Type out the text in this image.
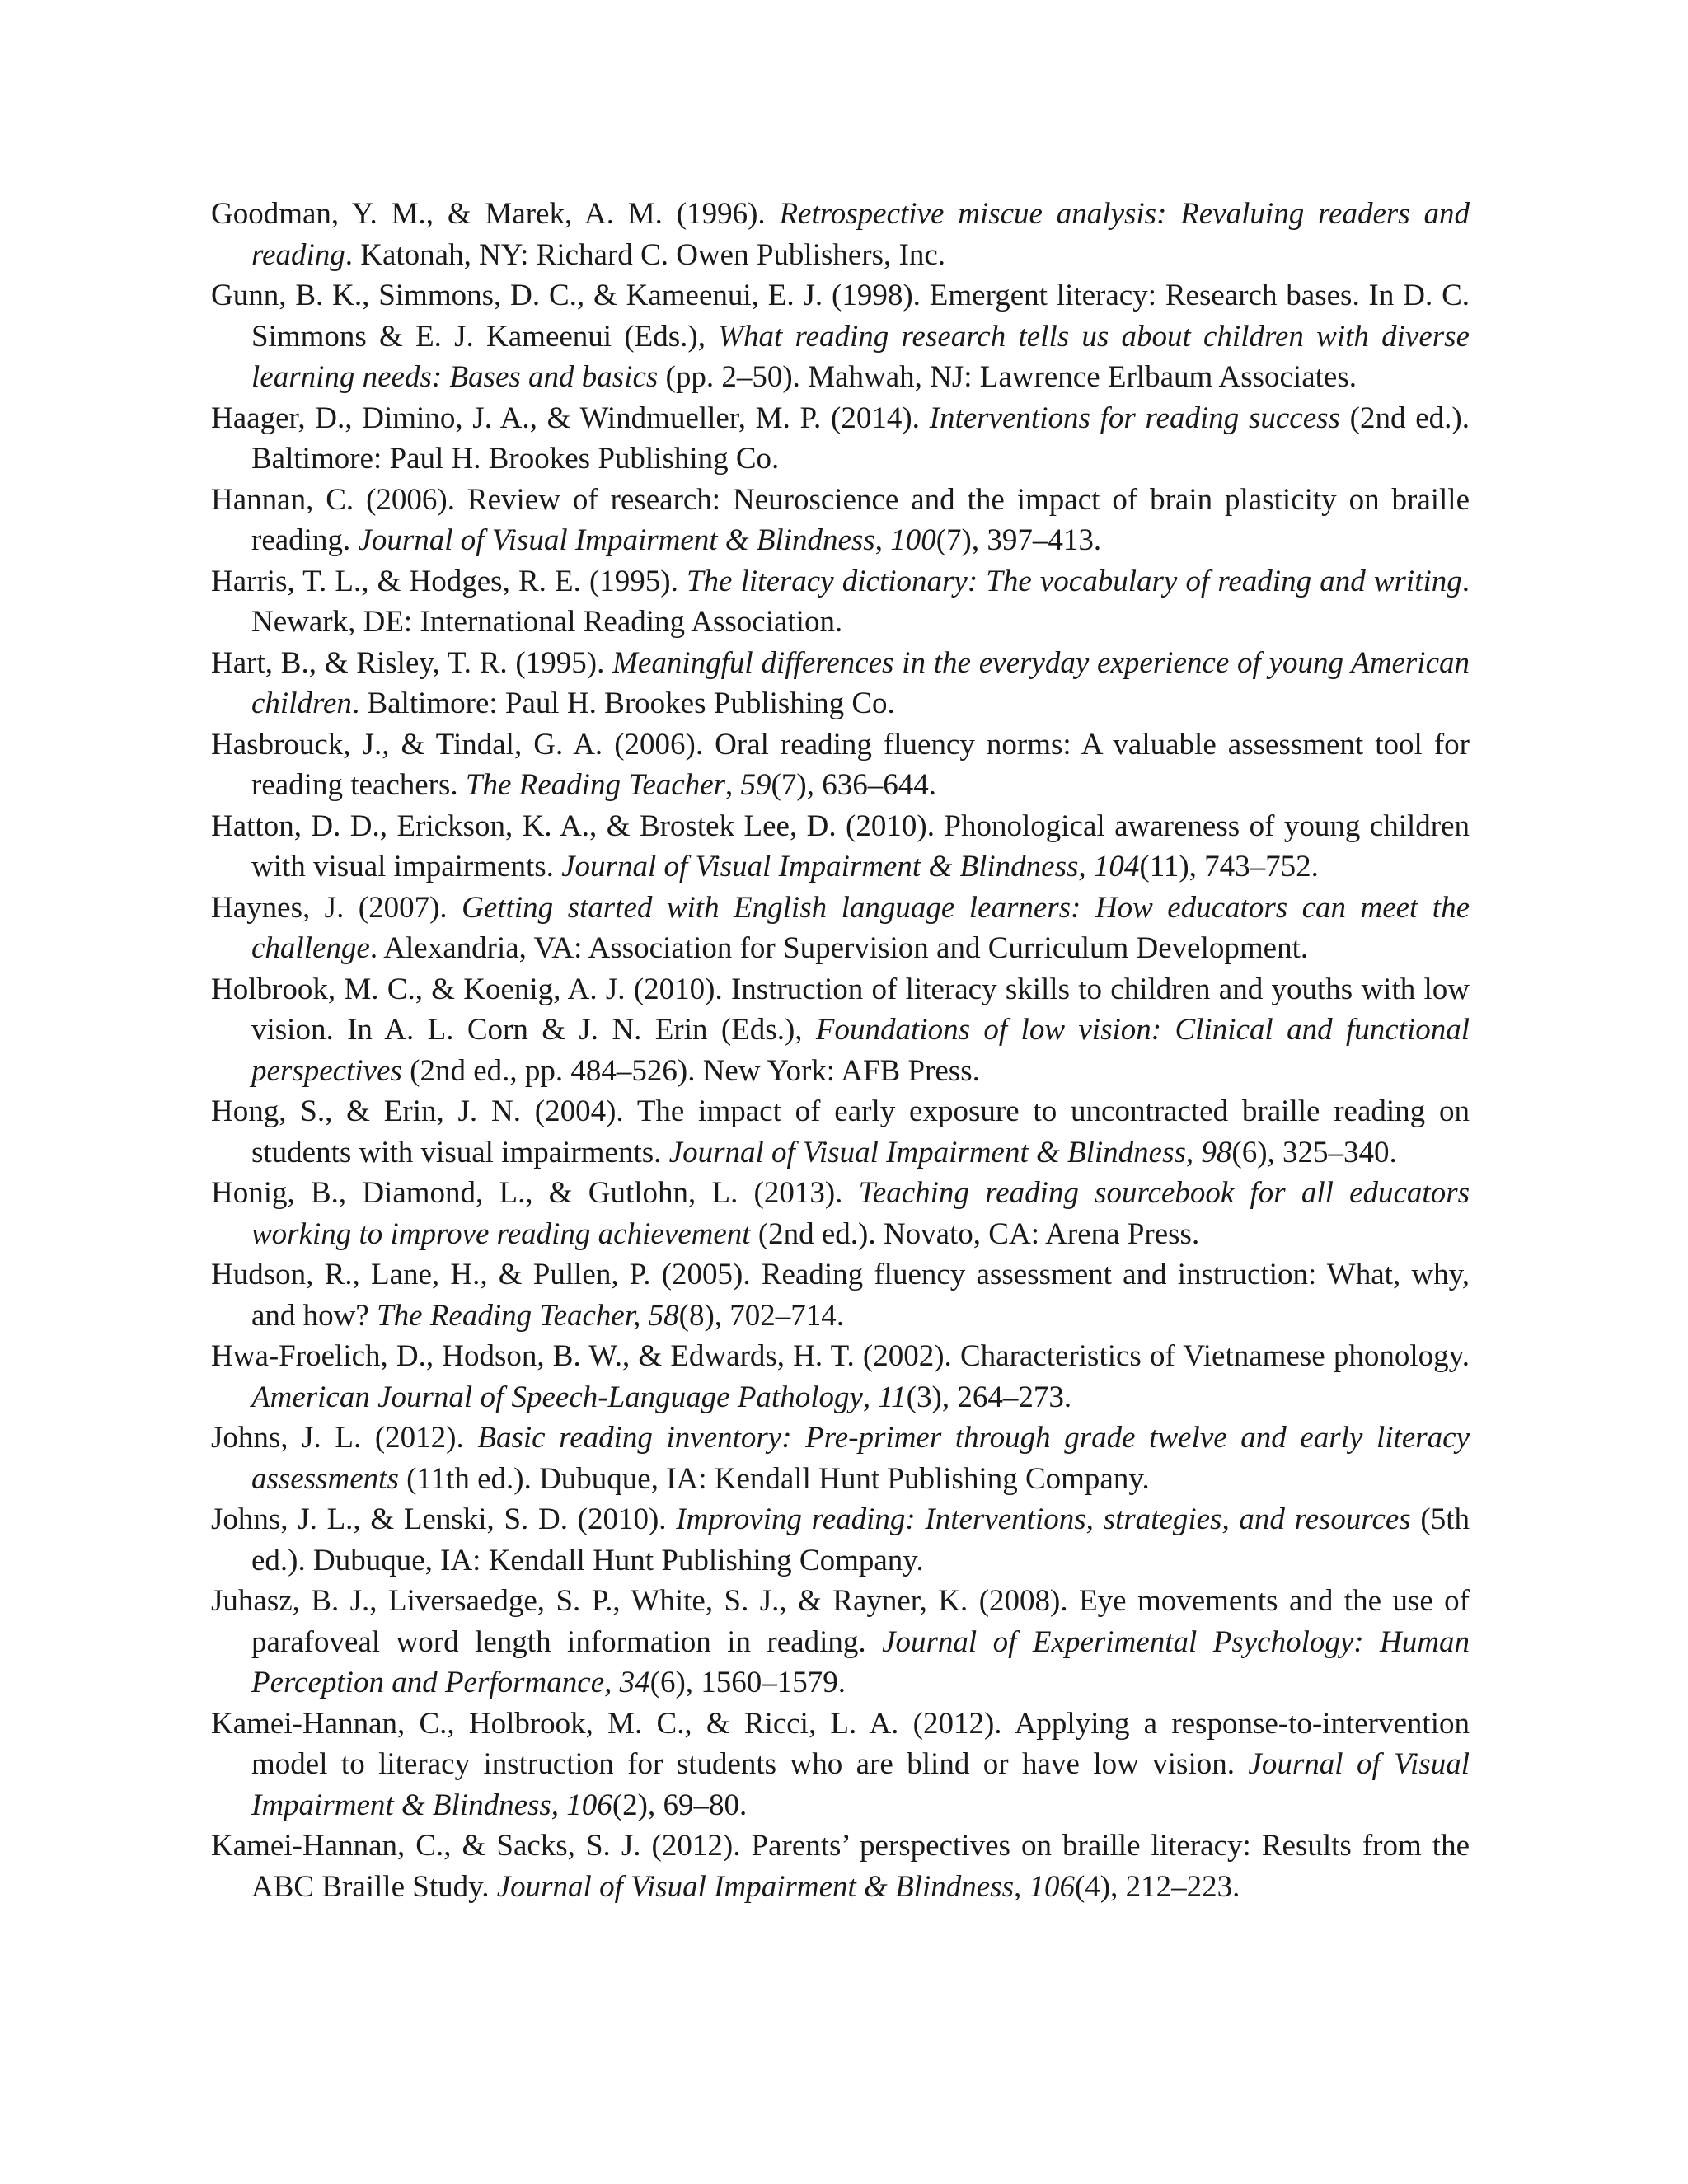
Goodman, Y. M., & Marek, A. M. (1996). Retrospective miscue analysis: Revaluing readers and reading. Katonah, NY: Richard C. Owen Publishers, Inc.
Gunn, B. K., Simmons, D. C., & Kameenui, E. J. (1998). Emergent literacy: Research bases. In D. C. Simmons & E. J. Kameenui (Eds.), What reading research tells us about children with diverse learning needs: Bases and basics (pp. 2–50). Mahwah, NJ: Lawrence Erlbaum Associates.
Haager, D., Dimino, J. A., & Windmueller, M. P. (2014). Interventions for reading success (2nd ed.). Baltimore: Paul H. Brookes Publishing Co.
Hannan, C. (2006). Review of research: Neuroscience and the impact of brain plasticity on braille reading. Journal of Visual Impairment & Blindness, 100(7), 397–413.
Harris, T. L., & Hodges, R. E. (1995). The literacy dictionary: The vocabulary of reading and writing. Newark, DE: International Reading Association.
Hart, B., & Risley, T. R. (1995). Meaningful differences in the everyday experience of young American children. Baltimore: Paul H. Brookes Publishing Co.
Hasbrouck, J., & Tindal, G. A. (2006). Oral reading fluency norms: A valuable assessment tool for reading teachers. The Reading Teacher, 59(7), 636–644.
Hatton, D. D., Erickson, K. A., & Brostek Lee, D. (2010). Phonological awareness of young children with visual impairments. Journal of Visual Impairment & Blindness, 104(11), 743–752.
Haynes, J. (2007). Getting started with English language learners: How educators can meet the challenge. Alexandria, VA: Association for Supervision and Curriculum Development.
Holbrook, M. C., & Koenig, A. J. (2010). Instruction of literacy skills to children and youths with low vision. In A. L. Corn & J. N. Erin (Eds.), Foundations of low vision: Clinical and functional perspectives (2nd ed., pp. 484–526). New York: AFB Press.
Hong, S., & Erin, J. N. (2004). The impact of early exposure to uncontracted braille reading on students with visual impairments. Journal of Visual Impairment & Blindness, 98(6), 325–340.
Honig, B., Diamond, L., & Gutlohn, L. (2013). Teaching reading sourcebook for all educators working to improve reading achievement (2nd ed.). Novato, CA: Arena Press.
Hudson, R., Lane, H., & Pullen, P. (2005). Reading fluency assessment and instruction: What, why, and how? The Reading Teacher, 58(8), 702–714.
Hwa-Froelich, D., Hodson, B. W., & Edwards, H. T. (2002). Characteristics of Vietnamese phonology. American Journal of Speech-Language Pathology, 11(3), 264–273.
Johns, J. L. (2012). Basic reading inventory: Pre-primer through grade twelve and early literacy assessments (11th ed.). Dubuque, IA: Kendall Hunt Publishing Company.
Johns, J. L., & Lenski, S. D. (2010). Improving reading: Interventions, strategies, and resources (5th ed.). Dubuque, IA: Kendall Hunt Publishing Company.
Juhasz, B. J., Liversaedge, S. P., White, S. J., & Rayner, K. (2008). Eye movements and the use of parafoveal word length information in reading. Journal of Experimental Psychology: Human Perception and Performance, 34(6), 1560–1579.
Kamei-Hannan, C., Holbrook, M. C., & Ricci, L. A. (2012). Applying a response-to-intervention model to literacy instruction for students who are blind or have low vision. Journal of Visual Impairment & Blindness, 106(2), 69–80.
Kamei-Hannan, C., & Sacks, S. J. (2012). Parents’ perspectives on braille literacy: Results from the ABC Braille Study. Journal of Visual Impairment & Blindness, 106(4), 212–223.
